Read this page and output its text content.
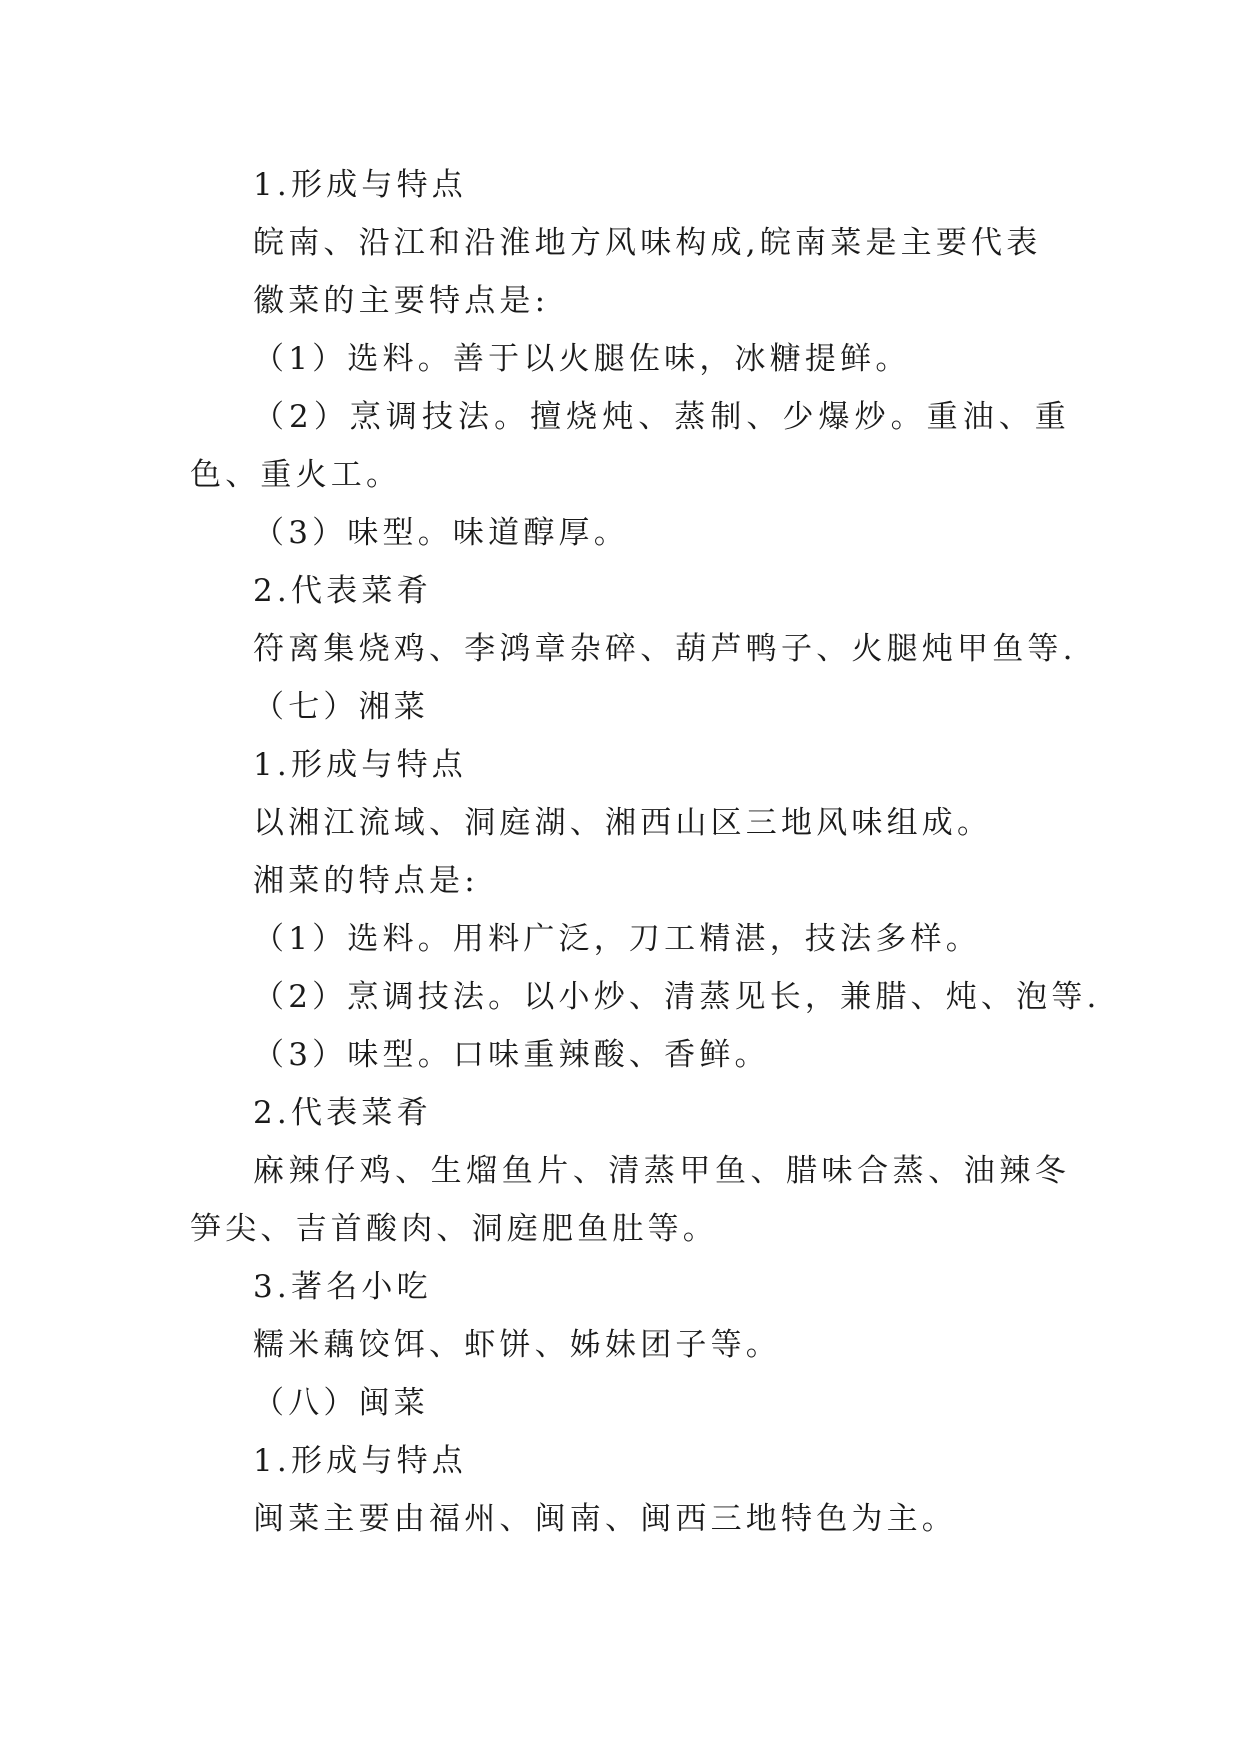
1.形成与特点

皖南、沿江和沿淮地方风味构成,皖南菜是主要代表

徽菜的主要特点是:

（1）选料。善于以火腿佐味，冰糖提鲜。

（2）烹调技法。擅烧炖、蒸制、少爆炒。重油、重色、重火工。

（3）味型。味道醇厚。

2.代表菜肴

符离集烧鸡、李鸿章杂碎、葫芦鸭子、火腿炖甲鱼等.

（七）湘菜

1.形成与特点

以湘江流域、洞庭湖、湘西山区三地风味组成。

湘菜的特点是:

（1）选料。用料广泛，刀工精湛，技法多样。

（2）烹调技法。以小炒、清蒸见长，兼腊、炖、泡等.

（3）味型。口味重辣酸、香鲜。

2.代表菜肴

麻辣仔鸡、生熘鱼片、清蒸甲鱼、腊味合蒸、油辣冬笋尖、吉首酸肉、洞庭肥鱼肚等。

3.著名小吃

糯米藕饺饵、虾饼、姊妹团子等。

（八）闽菜

1.形成与特点

闽菜主要由福州、闽南、闽西三地特色为主。
